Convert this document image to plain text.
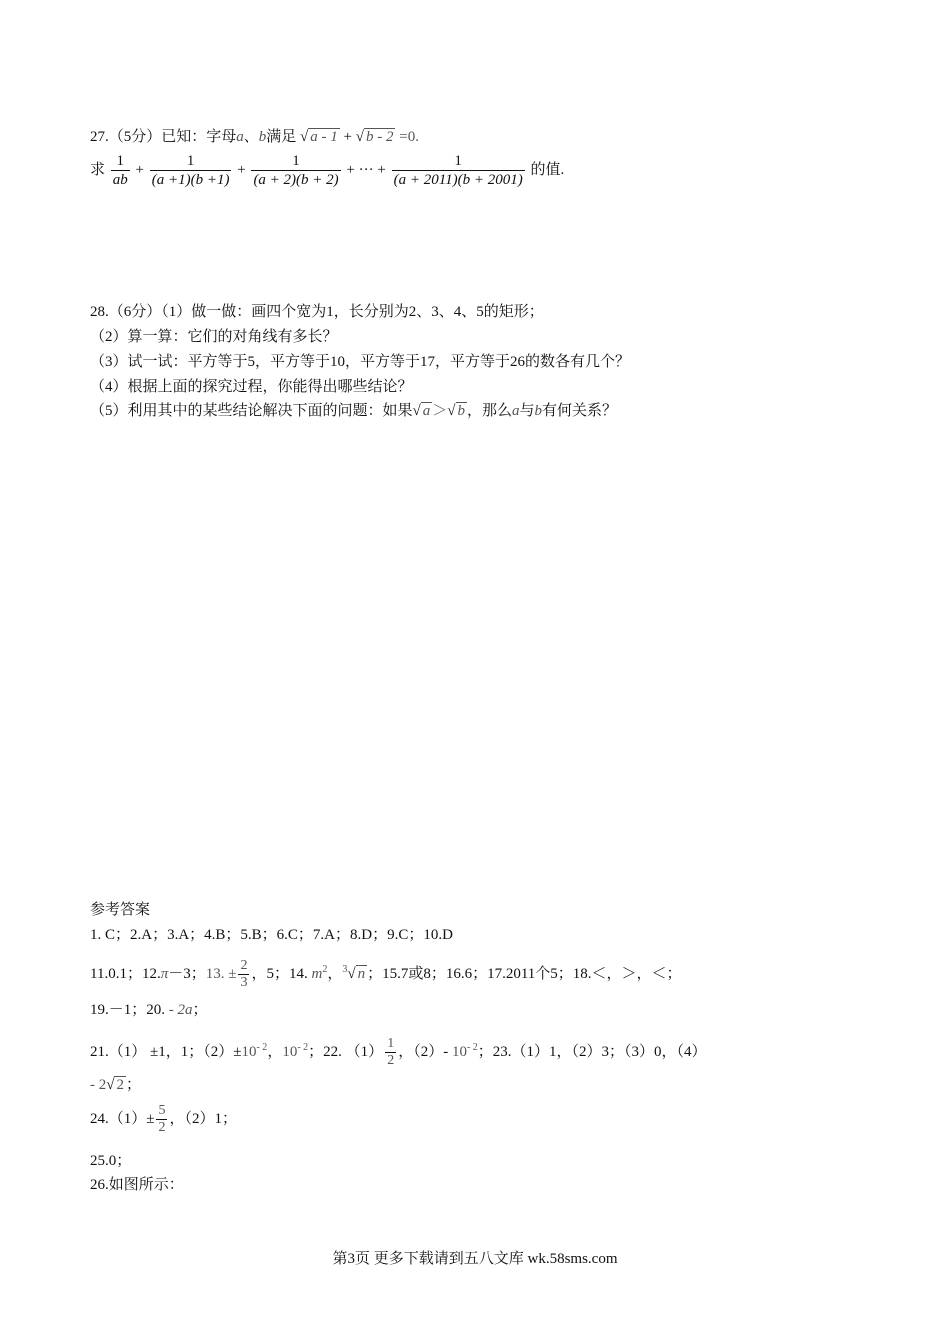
27.（5分）已知：字母a、b满足 √ a - 1 + √ b - 2 =0.
求 $\frac{1}{ab} + \frac{1}{(a +1)(b +1)} + \frac{1}{(a + 2)(b + 2)}$ + ··· + $\frac{1}{(a + 2011)(b + 2001)}$ 的值.
28.（6分）（1）做一做：画四个宽为1，长分别为2、3、4、5的矩形；
（2）算一算：它们的对角线有多长？
（3）试一试：平方等于5，平方等于10，平方等于17，平方等于26的数各有几个？
（4）根据上面的探究过程，你能得出哪些结论？
（5）利用其中的某些结论解决下面的问题：如果√ a ＞√ b ，那么a与b有何关系？
参考答案
1. C；2.A；3.A；4.B；5.B；6.C；7.A；8.D；9.C；10.D
11.0.1；12.π－3；13. ± $\frac{2}{3}$ ，5；14. $m^2$，$^3$√ n ；15.7或8；16.6；17.2011个5；18.＜，＞，＜；
19.－1；20. - 2a；
21.（1） ±1，1；$(2)\pm 10^{- 2}$，$10^{- 2}$；22. $(1) \frac{1}{2}$ ，（2）- $10^{- 2}$；23.（1）1，（2）3；（3）0，（4）
- 2√ 2 ；
$24.(1)\pm \frac{5}{2}$ ，（2）1；
25.0；
26.如图所示：
第3页 更多下载请到五八文库 wk.58sms.com
